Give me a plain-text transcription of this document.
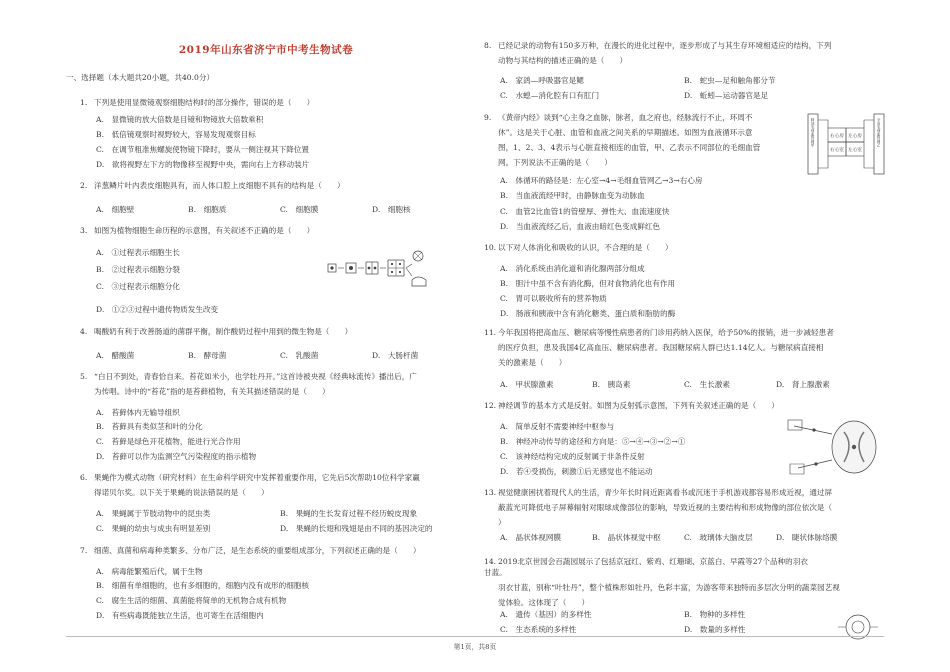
2019年山东省济宁市中考生物试卷
一、选择题（本大题共20小题，共40.0分）
1. 下列是使用显微镜观察细胞结构时的部分操作，错误的是（　　）
A.　显微镜的放大倍数是目镜和物镜放大倍数乘积
B.　低倍镜观察时视野较大，容易发现观察目标
C.　在调节粗准焦螺旋使物镜下降时，要从一侧注视其下降位置
D.　欲将视野左下方的物像移至视野中央，需向右上方移动装片
2. 洋葱鳞片叶内表皮细胞具有，而人体口腔上皮细胞不具有的结构是（　　）
A.　细胞壁	B.　细胞质	C.　细胞膜	D.　细胞核
3. 如图为植物细胞生命历程的示意图，有关叙述不正确的是（　　）
A.　①过程表示细胞生长
B.　②过程表示细胞分裂
C.　③过程表示细胞分化
D.　①②③过程中遗传物质发生改变
4. 喝酸奶有利于改善肠道的菌群平衡，制作酸奶过程中用到的微生物是（　　）
A.　醋酸菌	B.　酵母菌	C.　乳酸菌	D.　大肠杆菌
5. “白日不到处，青春恰自来。苔花如米小，也学牡丹开。”这首诗被央视《经典咏流传》播出后，广
为传唱。诗中的“苔花”指的是苔藓植物，有关其描述错误的是（　　）
A.　苔藓体内无输导组织
B.　苔藓具有类似茎和叶的分化
C.　苔藓是绿色开花植物，能进行光合作用
D.　苔藓可以作为监测空气污染程度的指示植物
6. 果蝇作为模式动物（研究材料）在生命科学研究中发挥着重要作用，它先后5次帮助10位科学家赢
得诺贝尔奖。以下关于果蝇的说法错误的是（　　）
A.　果蝇属于节肢动物中的昆虫类	B.　果蝇的生长发育过程不经历蜕皮现象
C.　果蝇的幼虫与成虫有明显差别	D.　果蝇的长翅和残翅是由不同的基因决定的
7. 细菌、真菌和病毒种类繁多、分布广泛，是生态系统的重要组成部分，下列叙述正确的是（　　）
A.　病毒能繁殖后代，属于生物
B.　细菌有单细胞的，也有多细胞的，细胞内没有成形的细胞核
C.　腐生生活的细菌、真菌能将简单的无机物合成有机物
D.　有些病毒既能独立生活，也可寄生在活细胞内
8. 已经记录的动物有150多万种，在漫长的进化过程中，逐步形成了与其生存环境相适应的结构，下列
动物与其结构的描述正确的是（　　）
A.　家鸽—呼吸器官是鳃	B.　蛇虫—足和触角都分节
C.　水螅—消化腔有口有肛门	D.　蚯蚓—运动器官是足
9. 《黄帝内经》谈到“心主身之血脉，脉者，血之府也，经脉流行不止，环周不
休”。这是关于心脏、血管和血液之间关系的早期描述。如图为血液循环示意
图，1、2、3、4表示与心脏直接相连的血管，甲、乙表示不同部位的毛细血管
网。下列说法不正确的是（　　）
A.　体循环的路径是：左心室→4→毛细血管网乙→3→右心房
B.　当血液流经甲时，由静脉血变为动脉血
C.　血管2比血管1的管壁厚、弹性大、血流速度快
D.　当血液流经乙后，血液由暗红色变成鲜红色
右心房 左心房
右心室 左心室
肺部毛细血管网甲	全身毛细血管网乙
10. 以下对人体消化和吸收的认识，不合理的是（　　）
A.　消化系统由消化道和消化腺两部分组成
B.　胆汁中虽不含有消化酶，但对食物消化也有作用
C.　胃可以吸收所有的营养物质
D.　肠液和胰液中含有消化糖类、蛋白质和脂肪的酶
11. 今年我国将把高血压、糖尿病等慢性病患者的门诊用药纳入医保，给予50%的报销，进一步减轻患者
的医疗负担，患及我国4亿高血压、糖尿病患者。我国糖尿病人群已达1.14亿人。与糖尿病直接相
关的激素是（　　）
A.　甲状腺激素	B.　胰岛素	C.　生长激素	D.　肾上腺激素
12. 神经调节的基本方式是反射。如图为反射弧示意图，下列有关叙述正确的是（　　）
A.　简单反射不需要神经中枢参与
B.　神经冲动传导的途径和方向是：⑤→④→③→②→①
C.　该神经结构完成的反射属于非条件反射
D.　若④受损伤，刺激①后无感觉也不能运动
13. 视觉健康困扰着现代人的生活，青少年长时间近距离看书或沉迷于手机游戏都容易形成近视，通过屏
蔽蓝光可降低电子屏幕辐射对眼球成像部位的影响，导致近视的主要结构和形成物像的部位依次是（
）
A.　晶状体视网膜	B.　晶状体视觉中枢	C.　玻璃体大脑皮层	D.　睫状体脉络膜
14. 2019北京世园会百蔬园展示了包括京冠红、紫鸡、红珊瑚、京蓝白、早霞等27个品种的羽衣甘蓝。
羽衣甘蓝，别称“叶牡丹”，整个植株形如牡丹，色彩丰富，为游客带来独特而多层次分明的蔬菜园艺视
觉体验。这体现了（　　）
A.　遗传（基因）的多样性	B.　物种的多样性
C.　生态系统的多样性	D.　数量的多样性
第1页，共8页
